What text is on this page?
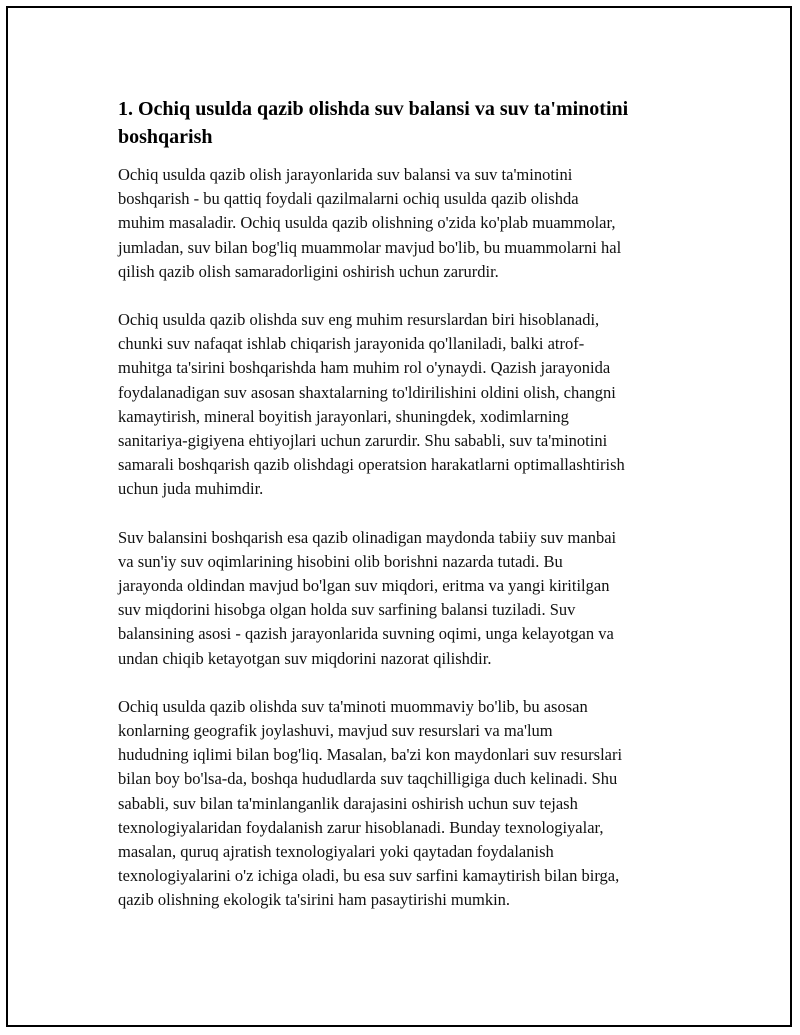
1. Ochiq usulda qazib olishda suv balansi va suv ta'minotini
boshqarish

Ochiq usulda qazib olish jarayonlarida suv balansi va suv ta'minotini
boshqarish - bu qattiq foydali qazilmalarni ochiq usulda qazib olishda
muhim masaladir. Ochiq usulda qazib olishning o'zida ko'plab muammolar,
jumladan, suv bilan bog'liq muammolar mavjud bo'lib, bu muammolarni hal
qilish qazib olish samaradorligini oshirish uchun zarurdir.

Ochiq usulda qazib olishda suv eng muhim resurslardan biri hisoblanadi,
chunki suv nafaqat ishlab chiqarish jarayonida qo'llaniladi, balki atrof-
muhitga ta'sirini boshqarishda ham muhim rol o'ynaydi. Qazish jarayonida
foydalanadigan suv asosan shaxtalarning to'ldirilishini oldini olish, changni
kamaytirish, mineral boyitish jarayonlari, shuningdek, xodimlarning
sanitariya-gigiyena ehtiyojlari uchun zarurdir. Shu sababli, suv ta'minotini
samarali boshqarish qazib olishdagi operatsion harakatlarni optimallashtirish
uchun juda muhimdir.

Suv balansini boshqarish esa qazib olinadigan maydonda tabiiy suv manbai
va sun'iy suv oqimlarining hisobini olib borishni nazarda tutadi. Bu
jarayonda oldindan mavjud bo'lgan suv miqdori, eritma va yangi kiritilgan
suv miqdorini hisobga olgan holda suv sarfining balansi tuziladi. Suv
balansining asosi - qazish jarayonlarida suvning oqimi, unga kelayotgan va
undan chiqib ketayotgan suv miqdorini nazorat qilishdir.

Ochiq usulda qazib olishda suv ta'minoti muommaviy bo'lib, bu asosan
konlarning geografik joylashuvi, mavjud suv resurslari va ma'lum
hududning iqlimi bilan bog'liq. Masalan, ba'zi kon maydonlari suv resurslari
bilan boy bo'lsa-da, boshqa hududlarda suv taqchilligiga duch kelinadi. Shu
sababli, suv bilan ta'minlanganlik darajasini oshirish uchun suv tejash
texnologiyalaridan foydalanish zarur hisoblanadi. Bunday texnologiyalar,
masalan, quruq ajratish texnologiyalari yoki qaytadan foydalanish
texnologiyalarini o'z ichiga oladi, bu esa suv sarfini kamaytirish bilan birga,
qazib olishning ekologik ta'sirini ham pasaytirishi mumkin.
